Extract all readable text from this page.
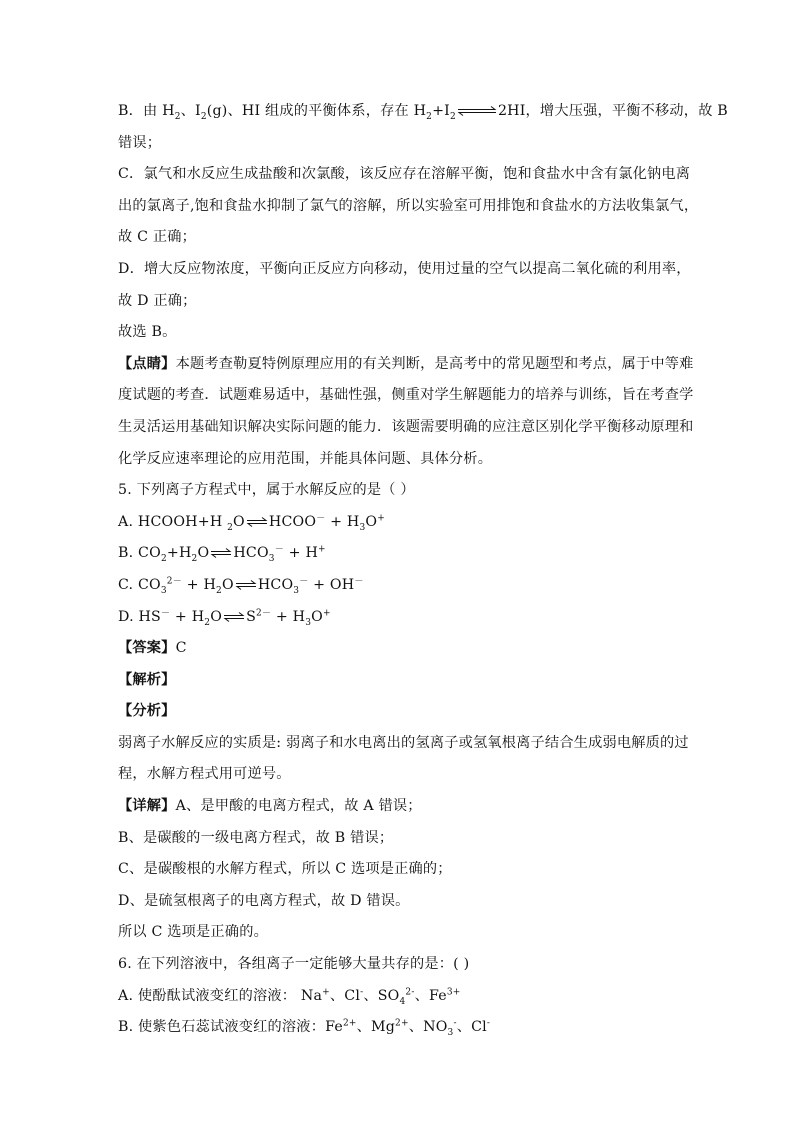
B．由 $H_2$、$I_2(g)$、HI 组成的平衡体系，存在 $H_2+I_2$ ⇌2HI，增大压强，平衡不移动，故 B
错误；
C．氯气和水反应生成盐酸和次氯酸，该反应存在溶解平衡，饱和食盐水中含有氯化钠电离
出的氯离子,饱和食盐水抑制了氯气的溶解，所以实验室可用排饱和食盐水的方法收集氯气，
故 C 正确；
D．增大反应物浓度，平衡向正反应方向移动，使用过量的空气以提高二氧化硫的利用率，
故 D 正确；
故选 B。
【点睛】本题考查勒夏特例原理应用的有关判断，是高考中的常见题型和考点，属于中等难
度试题的考查．试题难易适中，基础性强，侧重对学生解题能力的培养与训练，旨在考查学
生灵活运用基础知识解决实际问题的能力．该题需要明确的应注意区别化学平衡移动原理和
化学反应速率理论的应用范围，并能具体问题、具体分析。
5. 下列离子方程式中，属于水解反应的是（ ）
A. HCOOH+H $_2$O⇌HCOO－ + $H_3O^+$
B. $CO_2+H_2O\rightleftharpoons HCO_3^- + H^+$
C. $CO_3^{2-}$ + $H_2O\rightleftharpoons HCO_3^- + OH^-$
D. $HS^- + H_2O\rightleftharpoons S^{2-} + H_3O^+$
【答案】C
【解析】
【分析】
弱离子水解反应的实质是: 弱离子和水电离出的氢离子或氢氧根离子结合生成弱电解质的过
程，水解方程式用可逆号。
【详解】A、是甲酸的电离方程式，故 A 错误；
B、是碳酸的一级电离方程式，故 B 错误；
C、是碳酸根的水解方程式，所以 C 选项是正确的；
D、是硫氢根离子的电离方程式，故 D 错误。
所以 C 选项是正确的。
6. 在下列溶液中，各组离子一定能够大量共存的是：( )
A. 使酚酞试液变红的溶液： Na+、Cl-、$SO_4^{2-}$、$Fe^{3+}$
B. 使紫色石蕊试液变红的溶液：$Fe^{2+}$、$Mg^{2+}$、$NO_3^-$、Cl-
